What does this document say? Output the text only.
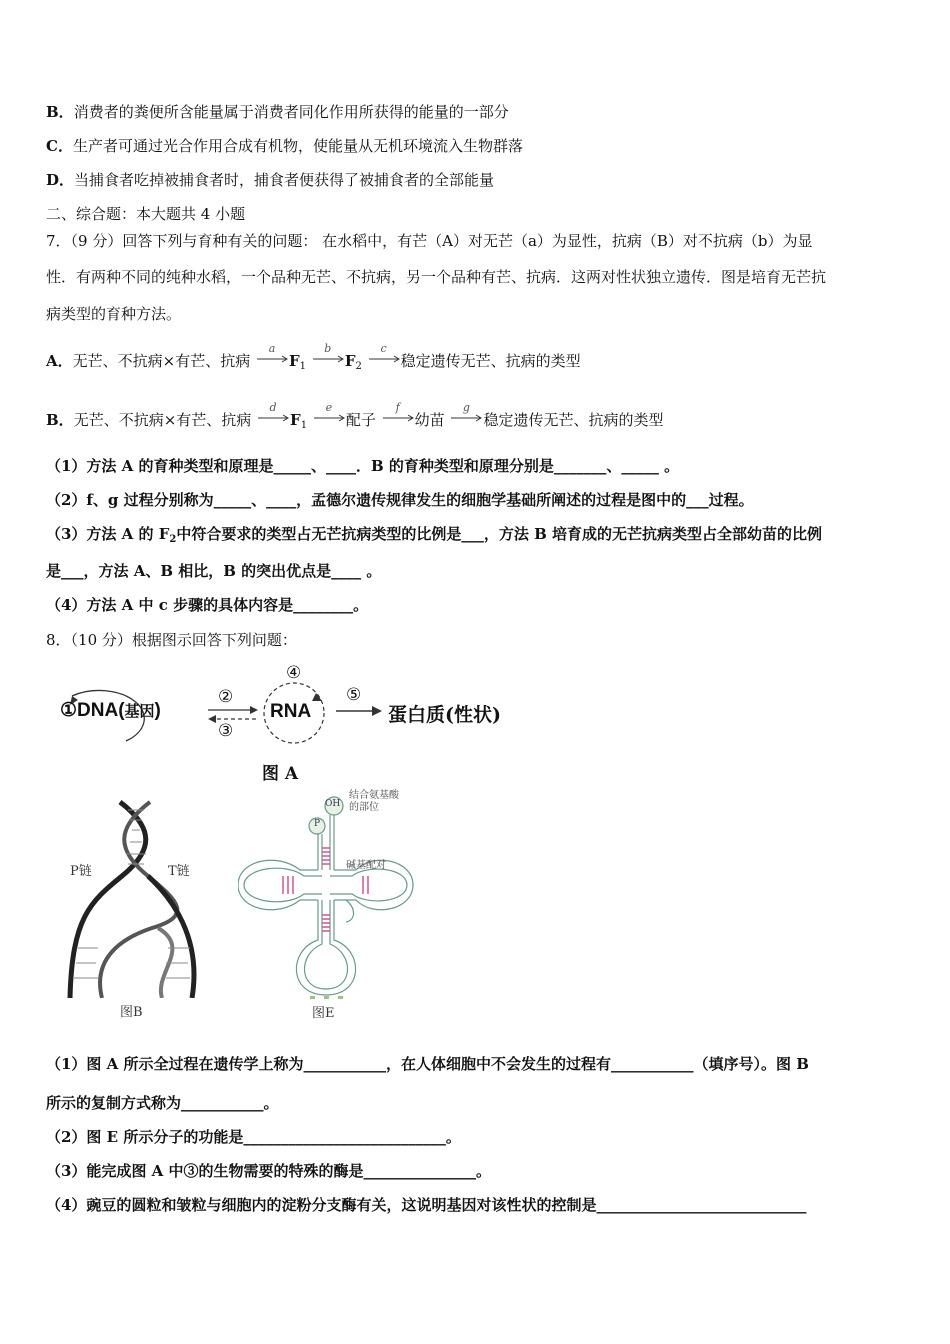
B．消费者的粪便所含能量属于消费者同化作用所获得的能量的一部分
C．生产者可通过光合作用合成有机物，使能量从无机环境流入生物群落
D．当捕食者吃掉被捕食者时，捕食者便获得了被捕食者的全部能量
二、综合题：本大题共 4 小题
7．（9 分）回答下列与育种有关的问题： 在水稻中，有芒（A）对无芒（a）为显性，抗病（B）对不抗病（b）为显
性．有两种不同的纯种水稻，一个品种无芒、不抗病，另一个品种有芒、抗病．这两对性状独立遗传．图是培育无芒抗
病类型的育种方法。
A．无芒、不抗病×有芒、抗病
a
$F_1$
b
$F_2$
c
稳定遗传无芒、抗病的类型
B．无芒、不抗病×有芒、抗病
d
$F_1$
e
配子
f
幼苗
g
稳定遗传无芒、抗病的类型
（1）方法 A 的育种类型和原理是_____、____．B 的育种类型和原理分别是_______、_____ 。
（2）f、g 过程分别称为_____、____，孟德尔遗传规律发生的细胞学基础所阐述的过程是图中的___过程。
（3）方法 A 的 $F_2$中符合要求的类型占无芒抗病类型的比例是___，方法 B 培育成的无芒抗病类型占全部幼苗的比例
是___，方法 A、B 相比，B 的突出优点是____ 。
（4）方法 A 中 c 步骤的具体内容是________。
8．（10 分）根据图示回答下列问题：
①DNA(基因)
②
③
④
RNA
⑤
蛋白质(性状)
图 A
P链	T链
图B
OH
P
结合氨基酸
的部位
碱基配对
图E
（1）图 A 所示全过程在遗传学上称为___________，在人体细胞中不会发生的过程有___________（填序号）。图 B
所示的复制方式称为___________。
（2）图 E 所示分子的功能是___________________________。
（3）能完成图 A 中③的生物需要的特殊的酶是_______________。
（4）豌豆的圆粒和皱粒与细胞内的淀粉分支酶有关，这说明基因对该性状的控制是____________________________
